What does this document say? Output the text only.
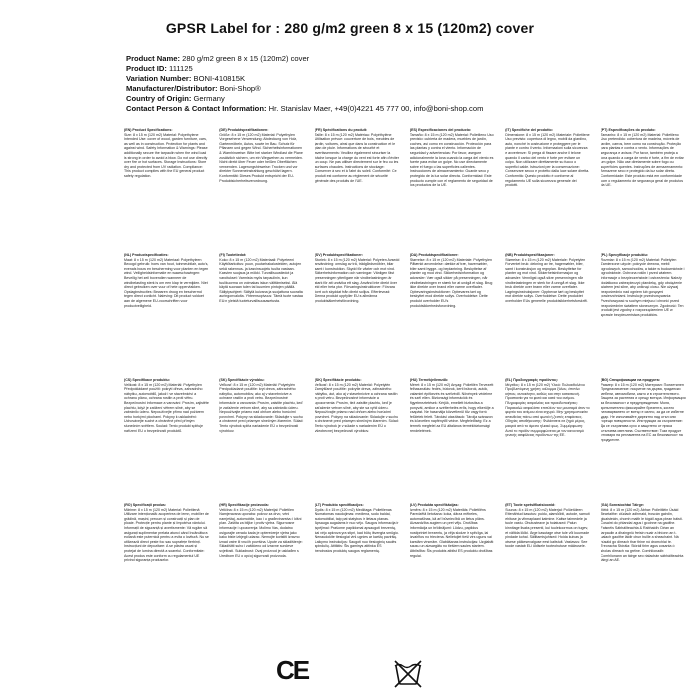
GPSR Label for : 280 g/m2 green 8 x 15 (120m2) cover
Product Name: 280 g/m2 green 8 x 15 (120m2) cover
Product ID: 111125
Variation Number: BONI-410815K
Manufacturer/Distributor: Boni-Shop®
Country of Origin: Germany
Contact Person & Contact Information: Hr. Stanislav Maer, +49(0)4221 45 777 00, info@boni-shop.com
(EN) Product Specifications:

Size: 8 x 15 m (120 m2) Material: Polyethylene Intended Use: cover of wood, garden furniture, cars, as well as in construction. Protection for plants and against wind. Safety Information & Warnings: Please additionally secure the tarpaulin when the wind load is strong in order to avoid a blow. Do not use directly over fire or hot surfaces. Storage Instructions: Store dry and protected from UV radiation. Compliance: This product complies with the EU general product safety regulation.

(DE) Produktspezifikationen:

Größe: 8 x 15 m (120 m2) Material: Polyethylen Vorgesehene Verwendung: Abdeckung von Holz, Gartenmöbeln, Autos, sowie im Bau. Schutz für Pflanzen und gegen Wind. Sicherheitsinformationen & Warnhinweise: Bitte bei starker Windlast die Plane zusätzlich sichern, um ein Wegwehen zu vermeiden. Nicht direkt über Feuer oder heißen Oberflächen verwenden. Lagerungshinweise: Trocken und vor direkter Sonneneinstrahlung geschützt lagern. Konformität: Dieses Produkt entspricht der EU-Produktsicherheitsverordnung.

(FR) Spécifications du produit:

Taille: 8 x 15 m (120 m2) Matériau: Polyéthylène Utilisation prévue: couverture de bois, meubles de jardin, voitures, ainsi que dans la construction et le plan de pluie. Informations de sécurité et avertissements: Veuillez également sécuriser la bâche lorsque la charge du vent est forte afin d'éviter un coup. Ne pas utiliser directement sur le feu ou les surfaces chaudes. Instructions de stockage: Conserver à sec et à l'abri du soleil. Conformité: Ce produit est conforme au règlement de sécurité générale des produits de l'UE.

(ES) Especificaciones del producto:

Tamaño: 8 x 15 m (120 m2) Material: Polietileno Uso previsto: cubierta de madera, muebles de jardín, coches, así como en construcción. Protección para las plantas y contra el viento. Información de seguridad y advertencias: Por favor, asegure adicionalmente la lona cuando la carga del viento es fuerte para evitar un golpe. No use directamente sobre el fuego o las superficies calientes. Instrucciones de almacenamiento: Guarde seco y protegido de la luz solar directa. Conformidad: Este producto cumple con el reglamento de seguridad de los productos de la UE.

(IT) Specifiche del prodotto:

Dimensione: 8 x 15 m (120 m2) Materiale: Polietilene Uso previsto: copertura di legno, mobili da giardino, auto, nonché in costruzione e proteggere per le piante e contro il vento. Informazioni sulla sicurezza e avvertenze: Si prega di fissare anche il telone quando il carico del vento è forte per evitare un colpo. Non utilizzare direttamente su fuoco o superfici calde. Istruzioni per la conservazione: Conservare secco e protetto dalla luce solare diretta. Conformità: Questo prodotto è conforme al regolamento UE sulla sicurezza generale dei prodotti.

(PT) Especificações do produto:

Tamanho: 8 x 15 m (120 m2) Material: Polietileno Uso pretendido: cobertura de madeira, móveis de jardim, carros, bem como na construção. Proteção para plantas e contra o vento. Informações de segurança e avisos: Por favor, também proteja a lona quando a carga de vento é forte, a fim de evitar um golpe. Não use diretamente sobre fogo ou superfícies quentes. Instruções de armazenamento: Armazene seco e protegido da luz solar direta. Conformidade: Este produto está em conformidade com o regulamento de segurança geral de produtos da UE.

(NL) Productspecificaties:

Maat: 8 x 15 m (120 m2) Materiaal: Polyethyleen Beoogd gebruik: hoes van hout, tuinmeubilair, auto's, evenals bouw en bescherming voor planten en tegen wind. Veiligheidsinformatie en waarschuwingen: Beveilig het zeil bovendien wanneer de windbelasting sterk is om een klap te vermijden. Niet direct gebruiken over vuur of hete oppervlakken. Opslaginstructies: Bewaren droog en beschermd tegen direct zonlicht. Naleving: Dit product voldoet aan de algemene EU-voorschriften voor productveiligheid.

(FI) Tuotetiedot:

Koko: 8 x 15 m (120 m2) Materiaali: Polyeteeni Käyttötarkoitus: puun, puutarhakalusteiden, autojen sekä rakennus- ja kasvinsuojelu tuulta vastaan. Kasvien suojaus ja mökki. Turvallisuustiedot ja varoitukset: Varmista myös tarpaulinin, kun tuulikuorma on voimakas iskun välttämiseksi. Älä käytä suoraan tulen tai kuumien pintojen päällä. Säilytysohjeet: Säilytä kuivana ja suojattuna suoralta auringonvalolta. Yhteensopivuus: Tämä tuote vastaa EU:n yleistä tuoteturvallisuusasetusta.

(SV) Produktspecifikationer:

Storlek: 8 x 15 m (120 m2) Material: Polyeten Avsedd användning: omslag av trä, trädgårdsmöbler, bilar samt i konstruktion. Skydd för växter och mot vind. Säkerhetsinformation och varningar: Vänligen fäst presenningen ytterligare när vindbelastningen är stark för att undvika ett slag. Använd inte direkt över eld eller heta ytor. Förvaringsinstruktioner: Förvara torrt och skyddat från direkt solljus. Efterlevnad: Denna produkt uppfyller EU:s allmänna produktsäkerhetsförordning.

(DA) Produktspecifikationer:

Størrelse: 8 x 15 m (120 m2) Materiale: Polyethylen Påtænkt anvendelse: dække af træ, havemøbler, biler samt bygge- og beplantning. Beskyttelse af planter og mod vind. Sikkerhedsinformation og advarsler: Vær også sikker på presenningen, når vindbelastningen er stærk for at undgå et slag. Brug ikke direkte over brand eller varme overflader. Opbevaringsinstruktioner: Opbevares tørt og beskyttet mod direkte sollys. Overholdelse: Dette produkt overholder EU's produktsikkerhedsforordning.

(NB) Produktspesifikasjoner:

Størrelse: 8 x 15 m (120 m2) Materiale: Polyetylen Forventet bruk: dekning av tre, hagemøbler, biler, samt i konstruksjon og regnplan. Beskyttelse for planter og mot vind. Sikkerhetsinformasjon og advarsler: Vennligst også sikre presenningen når vindbelastningen er sterk for å unngå et slag. Ikke bruk direkte over brann eller varme overflater. Lagringsinstruksjoner: Oppbevar tørt og beskyttet mot direkte sollys. Overholdelse: Dette produktet overholder EUs generelle produktsikkerhetsforskrift.

(PL) Specyfikacje produktu:

Rozmiar: 8 x 15 m (120 m2) Materiał: Polietylen Zamierzone użycie: pokrycie drewna, mebli ogrodowych, samochodów, a także w budownictwie i ogrodnictwie. Ochrona roślin i przed wiatrem. Informacje o bezpieczeństwie i ostrzeżenia: Należy dodatkowo zabezpieczyć plandekę, gdy obciążenie wiatrem jest silne, aby uniknąć ciosu. Nie używaj bezpośrednio nad ogniem lub gorącymi powierzchniami. Instrukcje przechowywania: Przechowywać w suchym miejscu i chronić przed bezpośrednim światłem słonecznym. Zgodność: Ten produkt jest zgodny z rozporządzeniem UE w sprawie bezpieczeństwa produktów.

(CS) Specifikace produktu:

Velikost: 8 x 15 m (120 m2) Materiál: Polyethylen Předpokládané použití: pokrytí dřeva, zahradního nábytku, automobilů, jakož i ve stavebnictví a ochranu plánu, ochrana rostlin a proti větru. Bezpečnostní informace a varování: Prosím, zajistěte plachtu, když je zatížení větrem silné, aby se zabránilo úderu. Nepoužívejte přímo nad požárem nebo horkými plochami. Pokyny k uskladnění: Uchovávejte suché a chráněné před přímým slunečním světlem. Soulad: Tento produkt splňuje nařízení EU o bezpečnosti produktů.

(SK) Špecifikácie výrobku:

Veľkosť: 8 x 15 m (120 m2) Materiál: Polyetylén Predpokladané použitie: kryt dreva, záhradného nábytku, automobilov, ako aj v stavebníctve a ochrane rastlín a proti vetru. Bezpečnostné informácie a varovania: Prosím, zaistite plachtu, keď je zaťaženie vetrom silné, aby sa zabránilo úderu. Nepoužívajte priamo nad ohňom alebo horúcimi povrchmi. Pokyny na skladovanie: Skladujte v suchu a chránené pred priamym slnečným žiarením. Súlad: Tento výrobok spĺňa nariadenie EÚ o bezpečnosti výrobkov.

(SK) Špecifikácie produktu:

Veľkosť: 8 x 15 m (120 m2) Materiál: Polyetylén Zamýšľané použitie: pokrytie dreva, záhradného nábytku, áut, ako aj v stavebníctve a ochrana rastlín a proti vetru. Bezpečnostné informácie a upozornenia: Prosím, tiež zaistite plachtu, keď je zaťaženie vetrom silné, aby ste sa vyhli úderu. Nepoužívajte priamo nad ohňom alebo horúcimi povrchmi. Pokyny na skladovanie: Skladujte v suchu a chránené pred priamym slnečným žiarením. Súlad: Tento výrobok je v súlade s nariadením EÚ o všeobecnej bezpečnosti výrobkov.

(HU) Termékjellemzők:

Méret: 8 x 15 m (120 m2) Anyag: Polietilén Tervezett felhasználás: fedés, bútorok, kerti bútorok, autók, valamint építkezés és szélvédő. Növények védelme és szél ellen. Biztonsági információk és figyelmeztetések: Kérjük, emellett biztosítsa a ponyvát, amikor a szélterhelés erős, hogy elkerülje a csapást. Ne használja közvetlenül tűz vagy forró felületek felett. Tárolási utasítások: Tárolja szárazon és közvetlen napfénytől védve. Megfelelőség: Ez a termék megfelel az EU általános termékbiztonsági rendeletének.

(EL) Προδιαγραφές προϊόντος:

Μέγεθος: 8 x 15 m (120 m2) Υλικό: Πολυαιθυλένιο Προβλεπόμενη χρήση: κάλυμμα ξύλου, έπιπλα κήπου, αυτοκίνητα, καθώς και στην κατασκευή. Προστασία για τα φυτά και κατά του ανέμου. Πληροφορίες ασφαλείας και προειδοποιήσεις: Παρακαλώ ασφαλίστε επιπλέον τον μουσαμά όταν το φορτίο του ανέμου είναι ισχυρό. Μην χρησιμοποιείτε απευθείας πάνω από φωτιά ή ζεστές επιφάνειες. Οδηγίες αποθήκευσης: Φυλάσσετε σε ξηρό μέρος, μακριά από το άμεσο ηλιακό φως. Συμμόρφωση: Αυτό το προϊόν συμμορφώνεται με τον κανονισμό γενικής ασφάλειας προϊόντων της ΕΕ.

(BG) Спецификации на продукта:

Размер: 8 x 15 m (120 m2) Материал: Полиетилен Предназначение: покритие на дърва, градински мебели, автомобили, както и в строителството. Защита за растения и срещу вятъра. Информация за безопасност и предупреждения: Моля, допълнително фиксирайте брезента, когато натоварването от вятър е силно, за да се избегне удар. Не използвайте директно над огън или горещи повърхности. Инструкции за съхранение: Да се съхранява сухо и защитено от пряка слънчева светлина. Съответствие: Този продукт отговаря на регламента на ЕС за безопасност на продуктите.

(RO) Specificații produs:

Mărime: 8 x 15 m (120 m2) Material: Polietilenă Utilizare intenționată: acoperirea de lemn, mobilier de grădină, mașini, precum și construcții și plan de ploaie. Protecție pentru plante și împotriva vântului. Informații de siguranță și avertismente: Vă rugăm să asigurați suplimentar prelata atunci când încărcătura eoliană este puternică pentru a evita o lovitură. Nu se utilizează direct peste foc sau suprafețe fierbinți. Instrucțiuni de depozitare: A se păstra uscat și protejat de lumina directă a soarelui. Conformitate: Acest produs este conform cu regulamentul UE privind siguranța produselor.

(HR) Specifikacije proizvoda:

Veličina: 8 x 15 m (120 m2) Materijal: Polietilen Namjeravana uporaba: pokrov za drvo, vrtni namještaj, automobile, kao i u građevinarstvu i kišni plan. Zaštita za biljke i protiv vjetra. Sigurnosne informacije i upozorenja: Molimo Vas, dodatno osigurajte ceradu kada je opterećenje vjetra jako kako biste izbjegli udarac. Nemojte koristiti izravno iznad vatre ili vrućih površina. Upute za skladištenje: Skladištiti suho i zaštićeno od izravne sunčeve svjetlosti. Sukladnost: Ovaj proizvod je usklađen s Uredbom EU o općoj sigurnosti proizvoda.

(LT) Produkto specifikacijos:

Dydis: 8 x 15 m (120 m2) Medžiaga: Polietilenas Numatomas naudojimas: mediena, sodo baldai, automobiliai, taip pat statybos ir lietaus planas. Apsauga augalams ir nuo vėjo. Saugos informacija ir įspėjimai: Prašome papildomai apsaugoti brezentą, kai vėjo apkrova yra stipri, kad būtų išvengta smūgio. Nenaudokite tiesiogiai virš ugnies ar karštų paviršių. Laikymo instrukcijos: Saugoti nuo tiesioginių saulės spindulių. Atitiktis: Šis gaminys atitinka ES bendrosios produktų saugos reglamentą.

(LV) Produkta specifikācijas:

Izmērs: 8 x 15 m (120 m2) Materiāls: Polietilēns Paredzētā lietošana: koka, dārza mēbeles, automašīnas, kā arī būvniecībā un lietus plāns. Aizsardzība augiem un pret vēju. Drošības informācija un brīdinājumi: Lūdzu, papildus nostipriniet brezentu, ja vēja slodze ir spēcīga, lai izvairītos no trieciena. Nelietojiet tieši virs uguns vai karstām virsmām. Glabāšanas instrukcijas: Uzglabāt sausu un aizsargātu no tiešiem saules stariem. Atbilstība: Šis produkts atbilst ES produktu drošības regulai.

(ET) Toote spetsifikatsioonid:

Suurus: 8 x 15 m (120 m2) Materjal: Polüetüleen Ettenähtud kasutus: puidu, aiamööbli, autode, samuti ehituse ja vihmaplaani katmine. Kaitse taimedele ja tuule vastu. Ohutusteave ja hoiatused: Palun kinnitage lisaks presenti, kui tuulekoormus on tugev, et vältida lööki. Ärge kasutage otse tule või kuumade pindade kohal. Säilitamisjuhised: Hoida kuivas ja otsese päikesevalguse eest kaitstult. Vastavus: See toode vastab ELi üldisele tooteohutuse määrusele.

(GA) Sonraíochtaí Táirge:

Méid: 8 x 15 m (120 m2) Ábhar: Poileitiléin Úsáid Beartaithe: clúdach adhmaid, troscán gairdín, gluaisteáin, chomh maith le tógáil agus plean báistí. Cosaint do phlandaí agus i gcoinne na gaoithe. Faisnéis Sábháilteachta & Rabhaidh: Déan an tarpaulin a dhaingniú freisin nuair a bhíonn an t-ualach gaoithe láidir chun buille a sheachaint. Ná húsáid go díreach thar thine nó dromchlaí te. Treoracha Stórála: Stóráil tirim agus cosanta ó sholas díreach na gréine. Comhlíonadh: Comhlíonann an táirge seo rialachán sábháilteachta táirgí an AE.

CE
